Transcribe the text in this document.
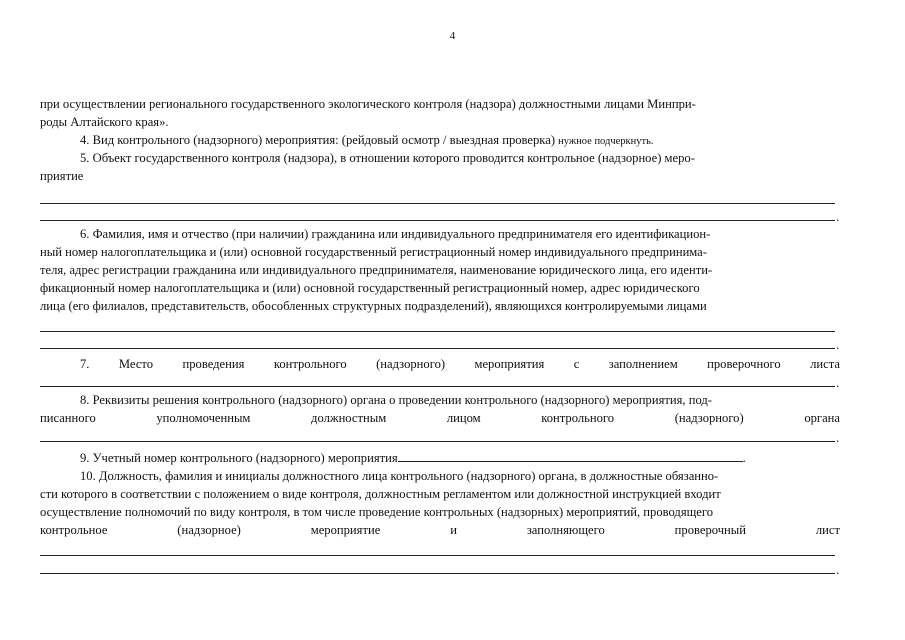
4
при осуществлении регионального государственного экологического контроля (надзора) должностными лицами Минпри-
роды Алтайского края».
4. Вид контрольного (надзорного) мероприятия: (рейдовый осмотр / выездная проверка) нужное подчеркнуть.
5. Объект государственного контроля (надзора), в отношении которого проводится контрольное (надзорное) меро-
приятие
.
6. Фамилия, имя и отчество (при наличии) гражданина или индивидуального предпринимателя его идентификацион-
ный номер налогоплательщика и (или) основной государственный регистрационный номер индивидуального предпринима-
теля, адрес регистрации гражданина или индивидуального предпринимателя, наименование юридического лица, его иденти-
фикационный номер налогоплательщика и (или) основной государственный регистрационный номер, адрес юридического
лица (его филиалов, представительств, обособленных структурных подразделений), являющихся контролируемыми лицами
.
7. Место проведения контрольного (надзорного) мероприятия с заполнением проверочного листа
.
8. Реквизиты решения контрольного (надзорного) органа о проведении контрольного (надзорного) мероприятия, под-
писанного уполномоченным должностным лицом контрольного (надзорного) органа
.
9. Учетный номер контрольного (надзорного) мероприятия	.
10. Должность, фамилия и инициалы должностного лица контрольного (надзорного) органа, в должностные обязанно-
сти которого в соответствии с положением о виде контроля, должностным регламентом или должностной инструкцией входит
осуществление полномочий по виду контроля, в том числе проведение контрольных (надзорных) мероприятий, проводящего
контрольное (надзорное) мероприятие и заполняющего проверочный лист
.
